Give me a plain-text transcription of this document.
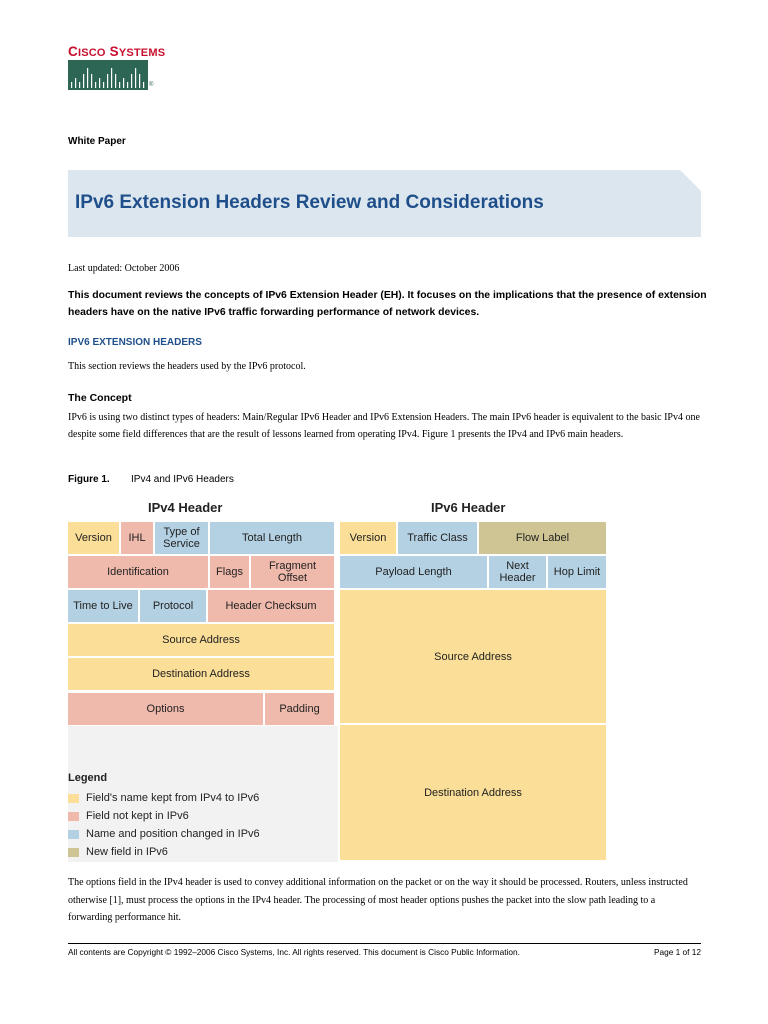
CISCO SYSTEMS
®
White Paper
IPv6 Extension Headers Review and Considerations
Last updated: October 2006
This document reviews the concepts of IPv6 Extension Header (EH). It focuses on the implications that the presence of extension headers have on the native IPv6 traffic forwarding performance of network devices.
IPV6 EXTENSION HEADERS
This section reviews the headers used by the IPv6 protocol.
The Concept
IPv6 is using two distinct types of headers: Main/Regular IPv6 Header and IPv6 Extension Headers. The main IPv6 header is equivalent to the basic IPv4 one despite some field differences that are the result of lessons learned from operating IPv4. Figure 1 presents the IPv4 and IPv6 main headers.
Figure 1. IPv4 and IPv6 Headers
IPv4 Header	IPv6 Header
Version	IHL	Type of Service	Total Length
Identification	Flags	Fragment Offset
Time to Live	Protocol	Header Checksum
Source Address
Destination Address
Options	Padding
Version	Traffic Class	Flow Label
Payload Length	Next Header	Hop Limit
Source Address
Destination Address
Legend
Field's name kept from IPv4 to IPv6
Field not kept in IPv6
Name and position changed in IPv6
New field in IPv6
The options field in the IPv4 header is used to convey additional information on the packet or on the way it should be processed. Routers, unless instructed otherwise [1], must process the options in the IPv4 header. The processing of most header options pushes the packet into the slow path leading to a forwarding performance hit.
All contents are Copyright © 1992–2006 Cisco Systems, Inc. All rights reserved. This document is Cisco Public Information.	Page 1 of 12
